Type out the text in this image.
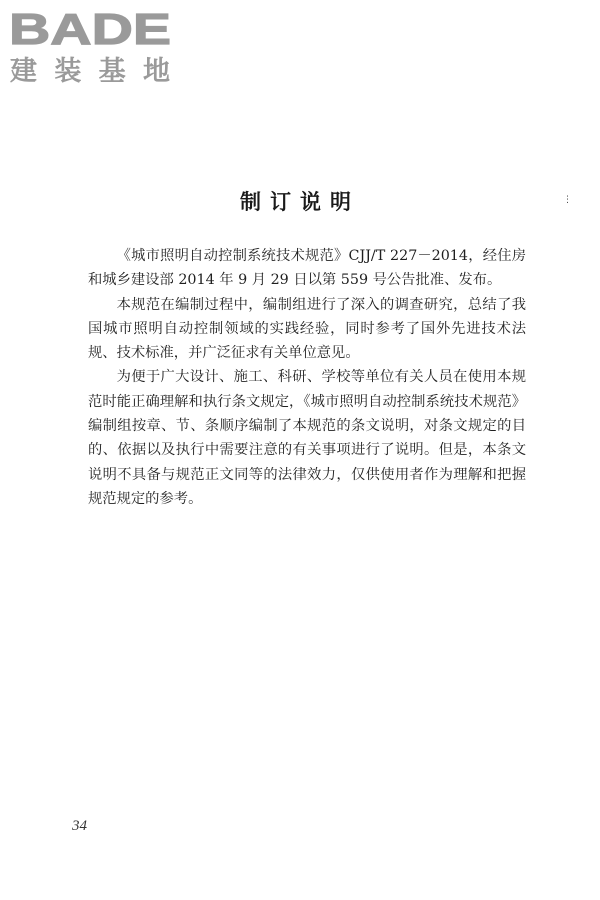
BADE
建装基地
制订说明	⋮

《城市照明自动控制系统技术规范》CJJ/T 227－2014，经住房和城乡建设部 2014 年 9 月 29 日以第 559 号公告批准、发布。

本规范在编制过程中，编制组进行了深入的调查研究，总结了我国城市照明自动控制领域的实践经验，同时参考了国外先进技术法规、技术标准，并广泛征求有关单位意见。

为便于广大设计、施工、科研、学校等单位有关人员在使用本规范时能正确理解和执行条文规定，《城市照明自动控制系统技术规范》编制组按章、节、条顺序编制了本规范的条文说明，对条文规定的目的、依据以及执行中需要注意的有关事项进行了说明。但是，本条文说明不具备与规范正文同等的法律效力，仅供使用者作为理解和把握规范规定的参考。

34
